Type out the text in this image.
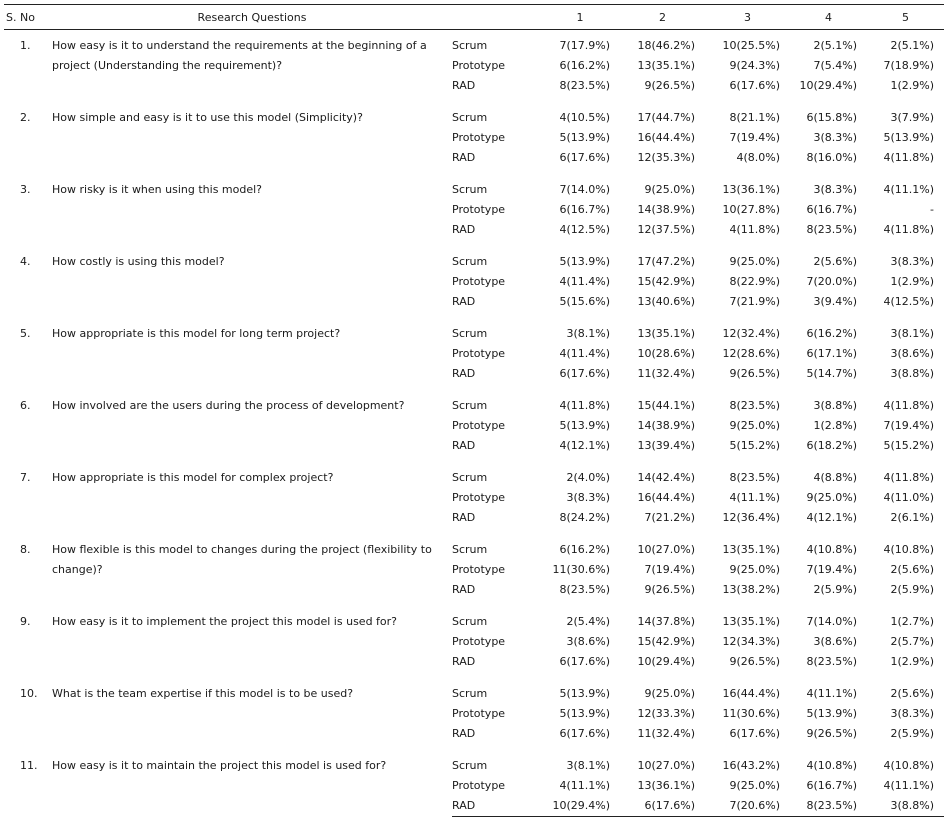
S. No	Research Questions		1	2	3	4	5
1.	How easy is it to understand the requirements at the beginning of a project (Understanding the requirement)?	Scrum	7(17.9%)	18(46.2%)	10(25.5%)	2(5.1%)	2(5.1%)
		Prototype	6(16.2%)	13(35.1%)	9(24.3%)	7(5.4%)	7(18.9%)
		RAD	8(23.5%)	9(26.5%)	6(17.6%)	10(29.4%)	1(2.9%)
2.	How simple and easy is it to use this model (Simplicity)?	Scrum	4(10.5%)	17(44.7%)	8(21.1%)	6(15.8%)	3(7.9%)
		Prototype	5(13.9%)	16(44.4%)	7(19.4%)	3(8.3%)	5(13.9%)
		RAD	6(17.6%)	12(35.3%)	4(8.0%)	8(16.0%)	4(11.8%)
3.	How risky is it when using this model?	Scrum	7(14.0%)	9(25.0%)	13(36.1%)	3(8.3%)	4(11.1%)
		Prototype	6(16.7%)	14(38.9%)	10(27.8%)	6(16.7%)	-
		RAD	4(12.5%)	12(37.5%)	4(11.8%)	8(23.5%)	4(11.8%)
4.	How costly is using this model?	Scrum	5(13.9%)	17(47.2%)	9(25.0%)	2(5.6%)	3(8.3%)
		Prototype	4(11.4%)	15(42.9%)	8(22.9%)	7(20.0%)	1(2.9%)
		RAD	5(15.6%)	13(40.6%)	7(21.9%)	3(9.4%)	4(12.5%)
5.	How appropriate is this model for long term project?	Scrum	3(8.1%)	13(35.1%)	12(32.4%)	6(16.2%)	3(8.1%)
		Prototype	4(11.4%)	10(28.6%)	12(28.6%)	6(17.1%)	3(8.6%)
		RAD	6(17.6%)	11(32.4%)	9(26.5%)	5(14.7%)	3(8.8%)
6.	How involved are the users during the process of development?	Scrum	4(11.8%)	15(44.1%)	8(23.5%)	3(8.8%)	4(11.8%)
		Prototype	5(13.9%)	14(38.9%)	9(25.0%)	1(2.8%)	7(19.4%)
		RAD	4(12.1%)	13(39.4%)	5(15.2%)	6(18.2%)	5(15.2%)
7.	How appropriate is this model for complex project?	Scrum	2(4.0%)	14(42.4%)	8(23.5%)	4(8.8%)	4(11.8%)
		Prototype	3(8.3%)	16(44.4%)	4(11.1%)	9(25.0%)	4(11.0%)
		RAD	8(24.2%)	7(21.2%)	12(36.4%)	4(12.1%)	2(6.1%)
8.	How flexible is this model to changes during the project (flexibility to change)?	Scrum	6(16.2%)	10(27.0%)	13(35.1%)	4(10.8%)	4(10.8%)
		Prototype	11(30.6%)	7(19.4%)	9(25.0%)	7(19.4%)	2(5.6%)
		RAD	8(23.5%)	9(26.5%)	13(38.2%)	2(5.9%)	2(5.9%)
9.	How easy is it to implement the project this model is used for?	Scrum	2(5.4%)	14(37.8%)	13(35.1%)	7(14.0%)	1(2.7%)
		Prototype	3(8.6%)	15(42.9%)	12(34.3%)	3(8.6%)	2(5.7%)
		RAD	6(17.6%)	10(29.4%)	9(26.5%)	8(23.5%)	1(2.9%)
10.	What is the team expertise if this model is to be used?	Scrum	5(13.9%)	9(25.0%)	16(44.4%)	4(11.1%)	2(5.6%)
		Prototype	5(13.9%)	12(33.3%)	11(30.6%)	5(13.9%)	3(8.3%)
		RAD	6(17.6%)	11(32.4%)	6(17.6%)	9(26.5%)	2(5.9%)
11.	How easy is it to maintain the project this model is used for?	Scrum	3(8.1%)	10(27.0%)	16(43.2%)	4(10.8%)	4(10.8%)
		Prototype	4(11.1%)	13(36.1%)	9(25.0%)	6(16.7%)	4(11.1%)
		RAD	10(29.4%)	6(17.6%)	7(20.6%)	8(23.5%)	3(8.8%)
